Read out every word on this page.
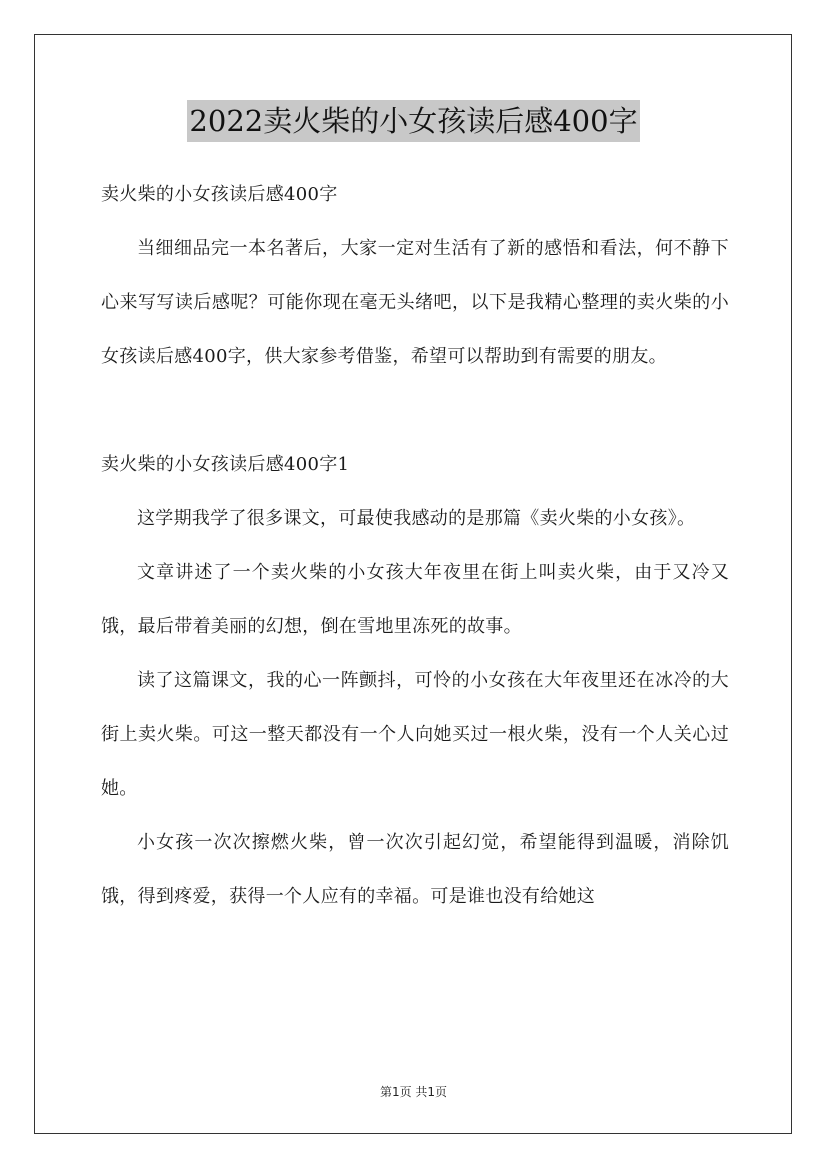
2022卖火柴的小女孩读后感400字

卖火柴的小女孩读后感400字

当细细品完一本名著后，大家一定对生活有了新的感悟和看法，何不静下心来写写读后感呢？可能你现在毫无头绪吧，以下是我精心整理的卖火柴的小女孩读后感400字，供大家参考借鉴，希望可以帮助到有需要的朋友。

卖火柴的小女孩读后感400字1

这学期我学了很多课文，可最使我感动的是那篇《卖火柴的小女孩》。

文章讲述了一个卖火柴的小女孩大年夜里在街上叫卖火柴，由于又冷又饿，最后带着美丽的幻想，倒在雪地里冻死的故事。

读了这篇课文，我的心一阵颤抖，可怜的小女孩在大年夜里还在冰冷的大街上卖火柴。可这一整天都没有一个人向她买过一根火柴，没有一个人关心过她。

小女孩一次次擦燃火柴，曾一次次引起幻觉，希望能得到温暖，消除饥饿，得到疼爱，获得一个人应有的幸福。可是谁也没有给她这

第1页 共1页
